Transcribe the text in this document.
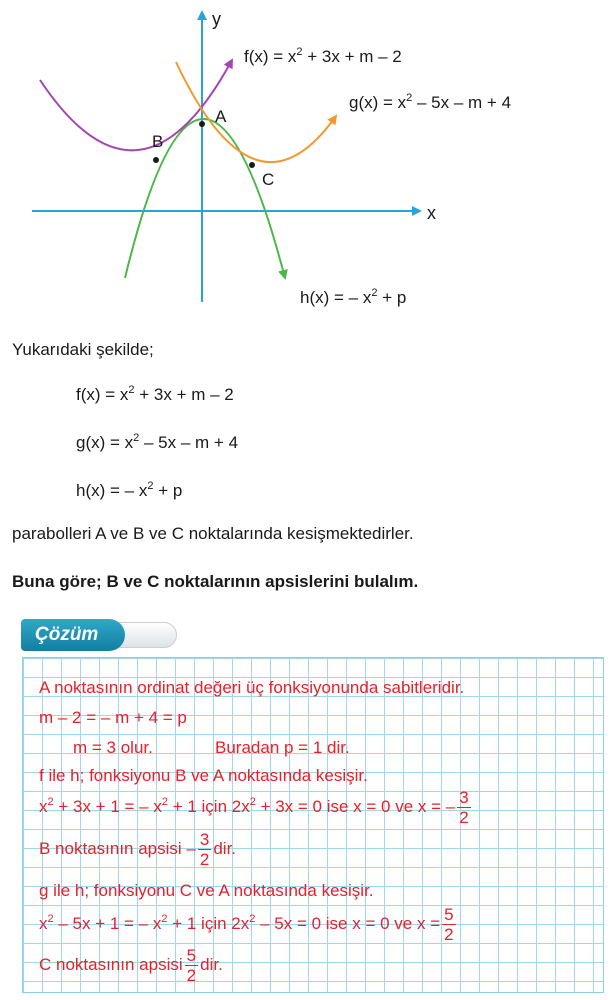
y
x
A
B
C
$f(x) = x^2 + 3x + m - 2$
$g(x) = x^2 - 5x - m + 4$
h(x) = – $x^2 + p$
Yukarıdaki şekilde;
$f(x) = x^2 + 3x + m - 2$
$g(x) = x^2 - 5x - m + 4$
h(x) = – $x^2 + p$
parabolleri A ve B ve C noktalarında kesişmektedirler.
Buna göre; B ve C noktalarının apsislerini bulalım.
Çözüm
A noktasının ordinat değeri üç fonksiyonunda sabitleridir.
m – 2 = – m + 4 = p
m = 3 olur.	Buradan p = 1 dir.
f ile h; fonksiyonu B ve A noktasında kesişir.
$x^2 + 3x + 1$ = – $x^2 + 1$ için $2x^2 + 3x = 0$ ise x = 0 ve x = – $\frac{3}{2}$
B noktasının apsisi – $\frac{3}{2}$ dir.
g ile h; fonksiyonu C ve A noktasında kesişir.
$x^2 - 5x + 1$ = – $x^2 + 1$ için $2x^2 - 5x = 0$ ise x = 0 ve $x = \frac{5}{2}$
C noktasının apsisi $\frac{5}{2}$ dir.
